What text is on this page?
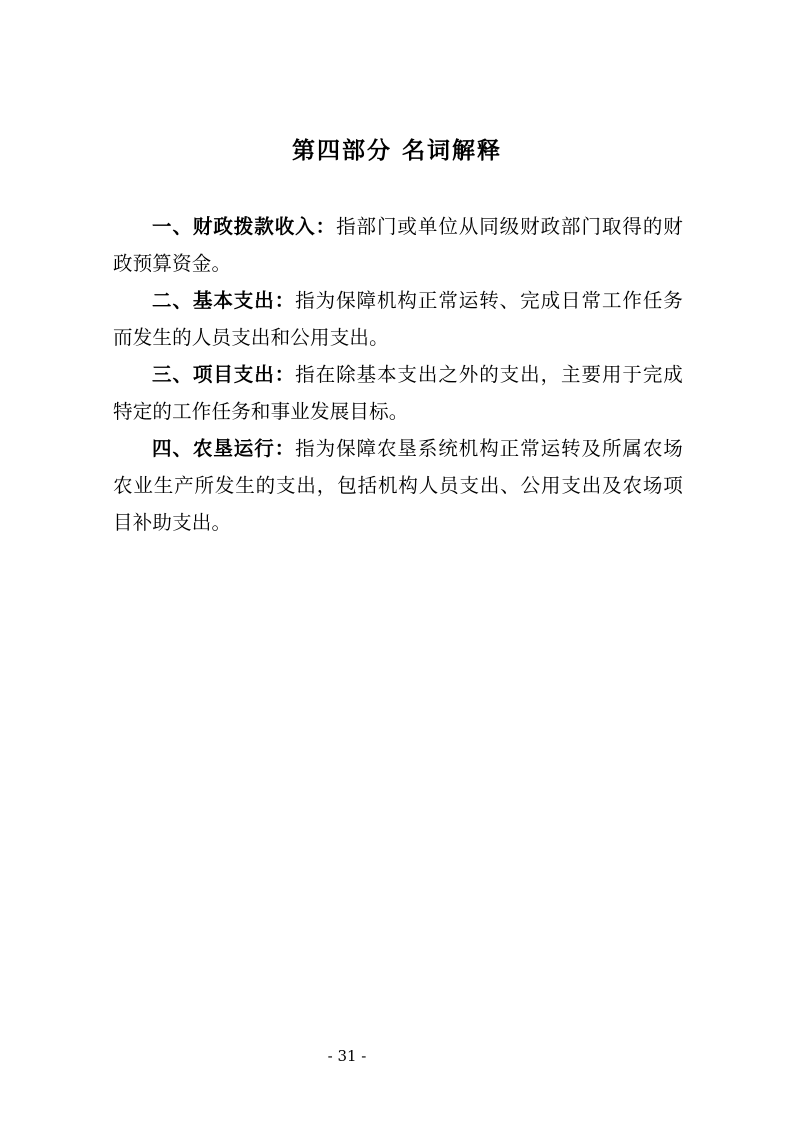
第四部分 名词解释

一、财政拨款收入：指部门或单位从同级财政部门取得的财政预算资金。

二、基本支出：指为保障机构正常运转、完成日常工作任务而发生的人员支出和公用支出。

三、项目支出：指在除基本支出之外的支出，主要用于完成特定的工作任务和事业发展目标。

四、农垦运行：指为保障农垦系统机构正常运转及所属农场农业生产所发生的支出，包括机构人员支出、公用支出及农场项目补助支出。

- 31 -
